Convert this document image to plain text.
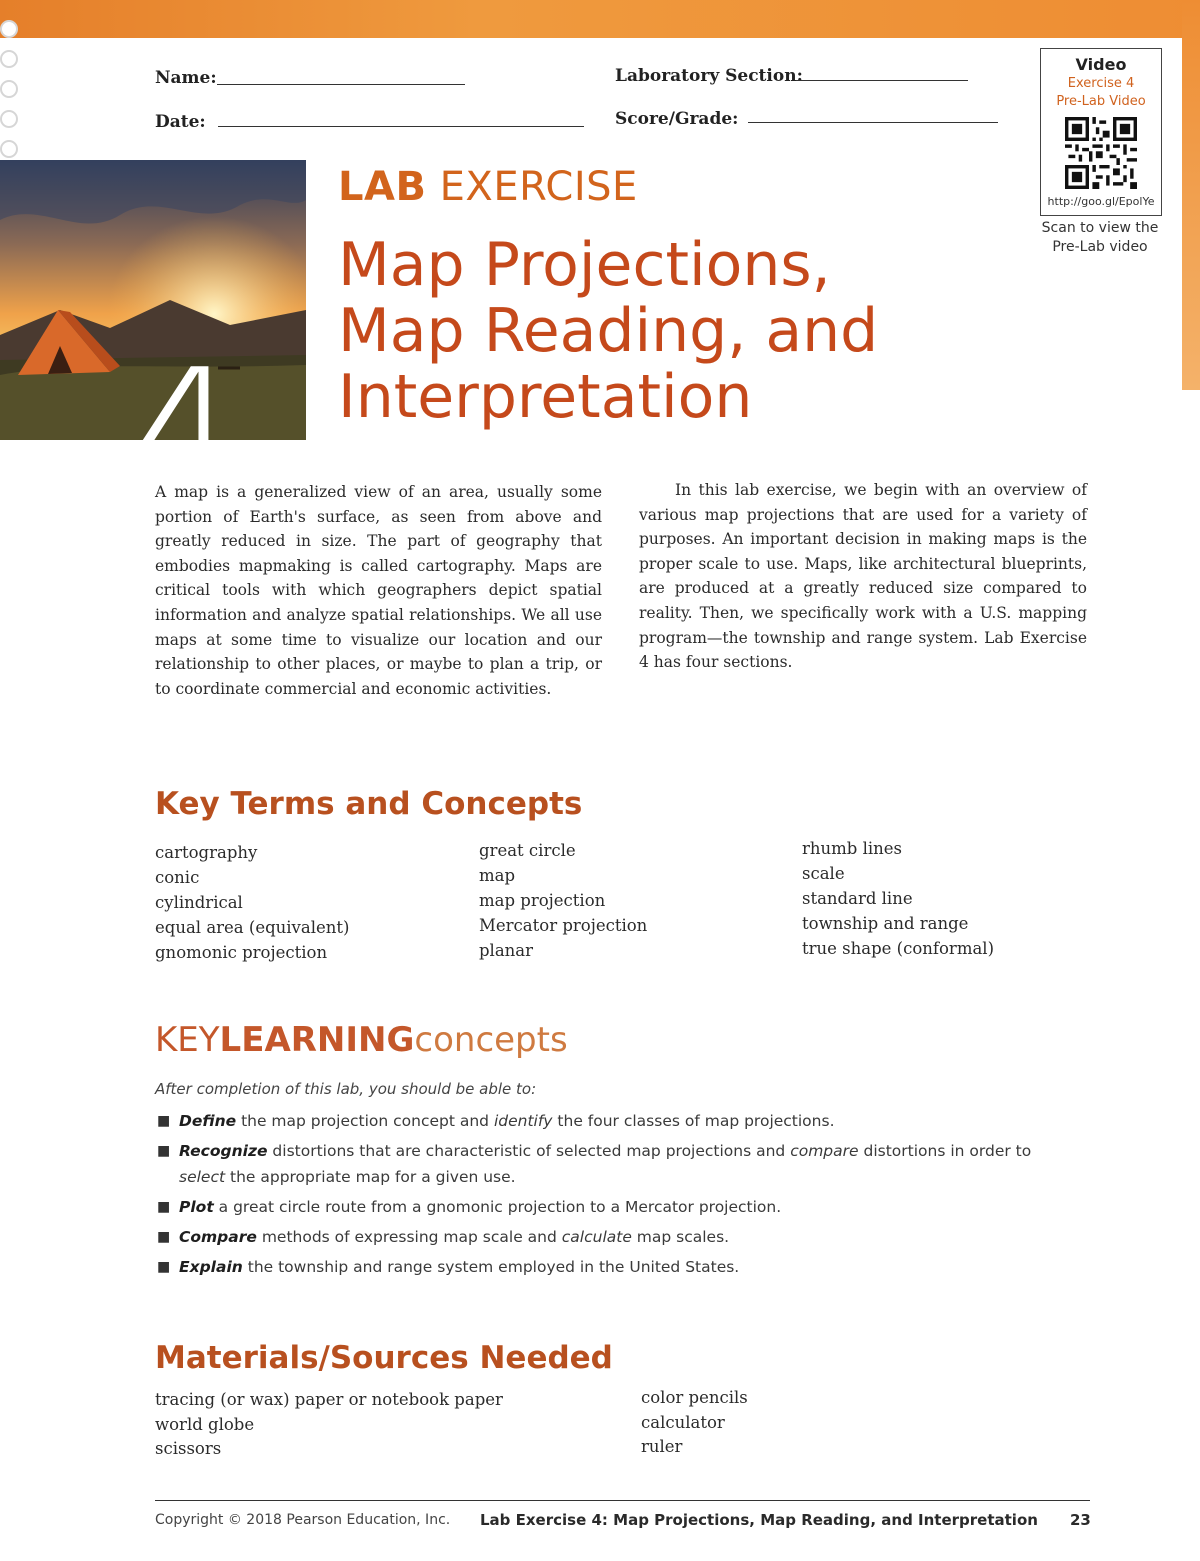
Name:
Date:
Laboratory Section:
Score/Grade:
Video
Exercise 4
Pre-Lab Video
http://goo.gl/EpolYe
Scan to view the
Pre-Lab video
4
LAB EXERCISE
Map Projections,
Map Reading, and
Interpretation
A map is a generalized view of an area, usually some portion of Earth's surface, as seen from above and greatly reduced in size. The part of geography that embodies mapmaking is called cartography. Maps are critical tools with which geographers depict spatial information and analyze spatial relationships. We all use maps at some time to visualize our location and our relationship to other places, or maybe to plan a trip, or to coordinate commercial and economic activities.
In this lab exercise, we begin with an overview of various map projections that are used for a variety of purposes. An important decision in making maps is the proper scale to use. Maps, like architectural blueprints, are produced at a greatly reduced size compared to reality. Then, we specifically work with a U.S. mapping program—the township and range system. Lab Exercise 4 has four sections.
Key Terms and Concepts
cartography
conic
cylindrical
equal area (equivalent)
gnomonic projection
great circle
map
map projection
Mercator projection
planar
rhumb lines
scale
standard line
township and range
true shape (conformal)
KEYLEARNINGconcepts
After completion of this lab, you should be able to:
■ Define the map projection concept and identify the four classes of map projections.
■ Recognize distortions that are characteristic of selected map projections and compare distortions in order to select the appropriate map for a given use.
■ Plot a great circle route from a gnomonic projection to a Mercator projection.
■ Compare methods of expressing map scale and calculate map scales.
■ Explain the township and range system employed in the United States.
Materials/Sources Needed
tracing (or wax) paper or notebook paper
world globe
scissors
color pencils
calculator
ruler
Copyright © 2018 Pearson Education, Inc. Lab Exercise 4: Map Projections, Map Reading, and Interpretation 23
